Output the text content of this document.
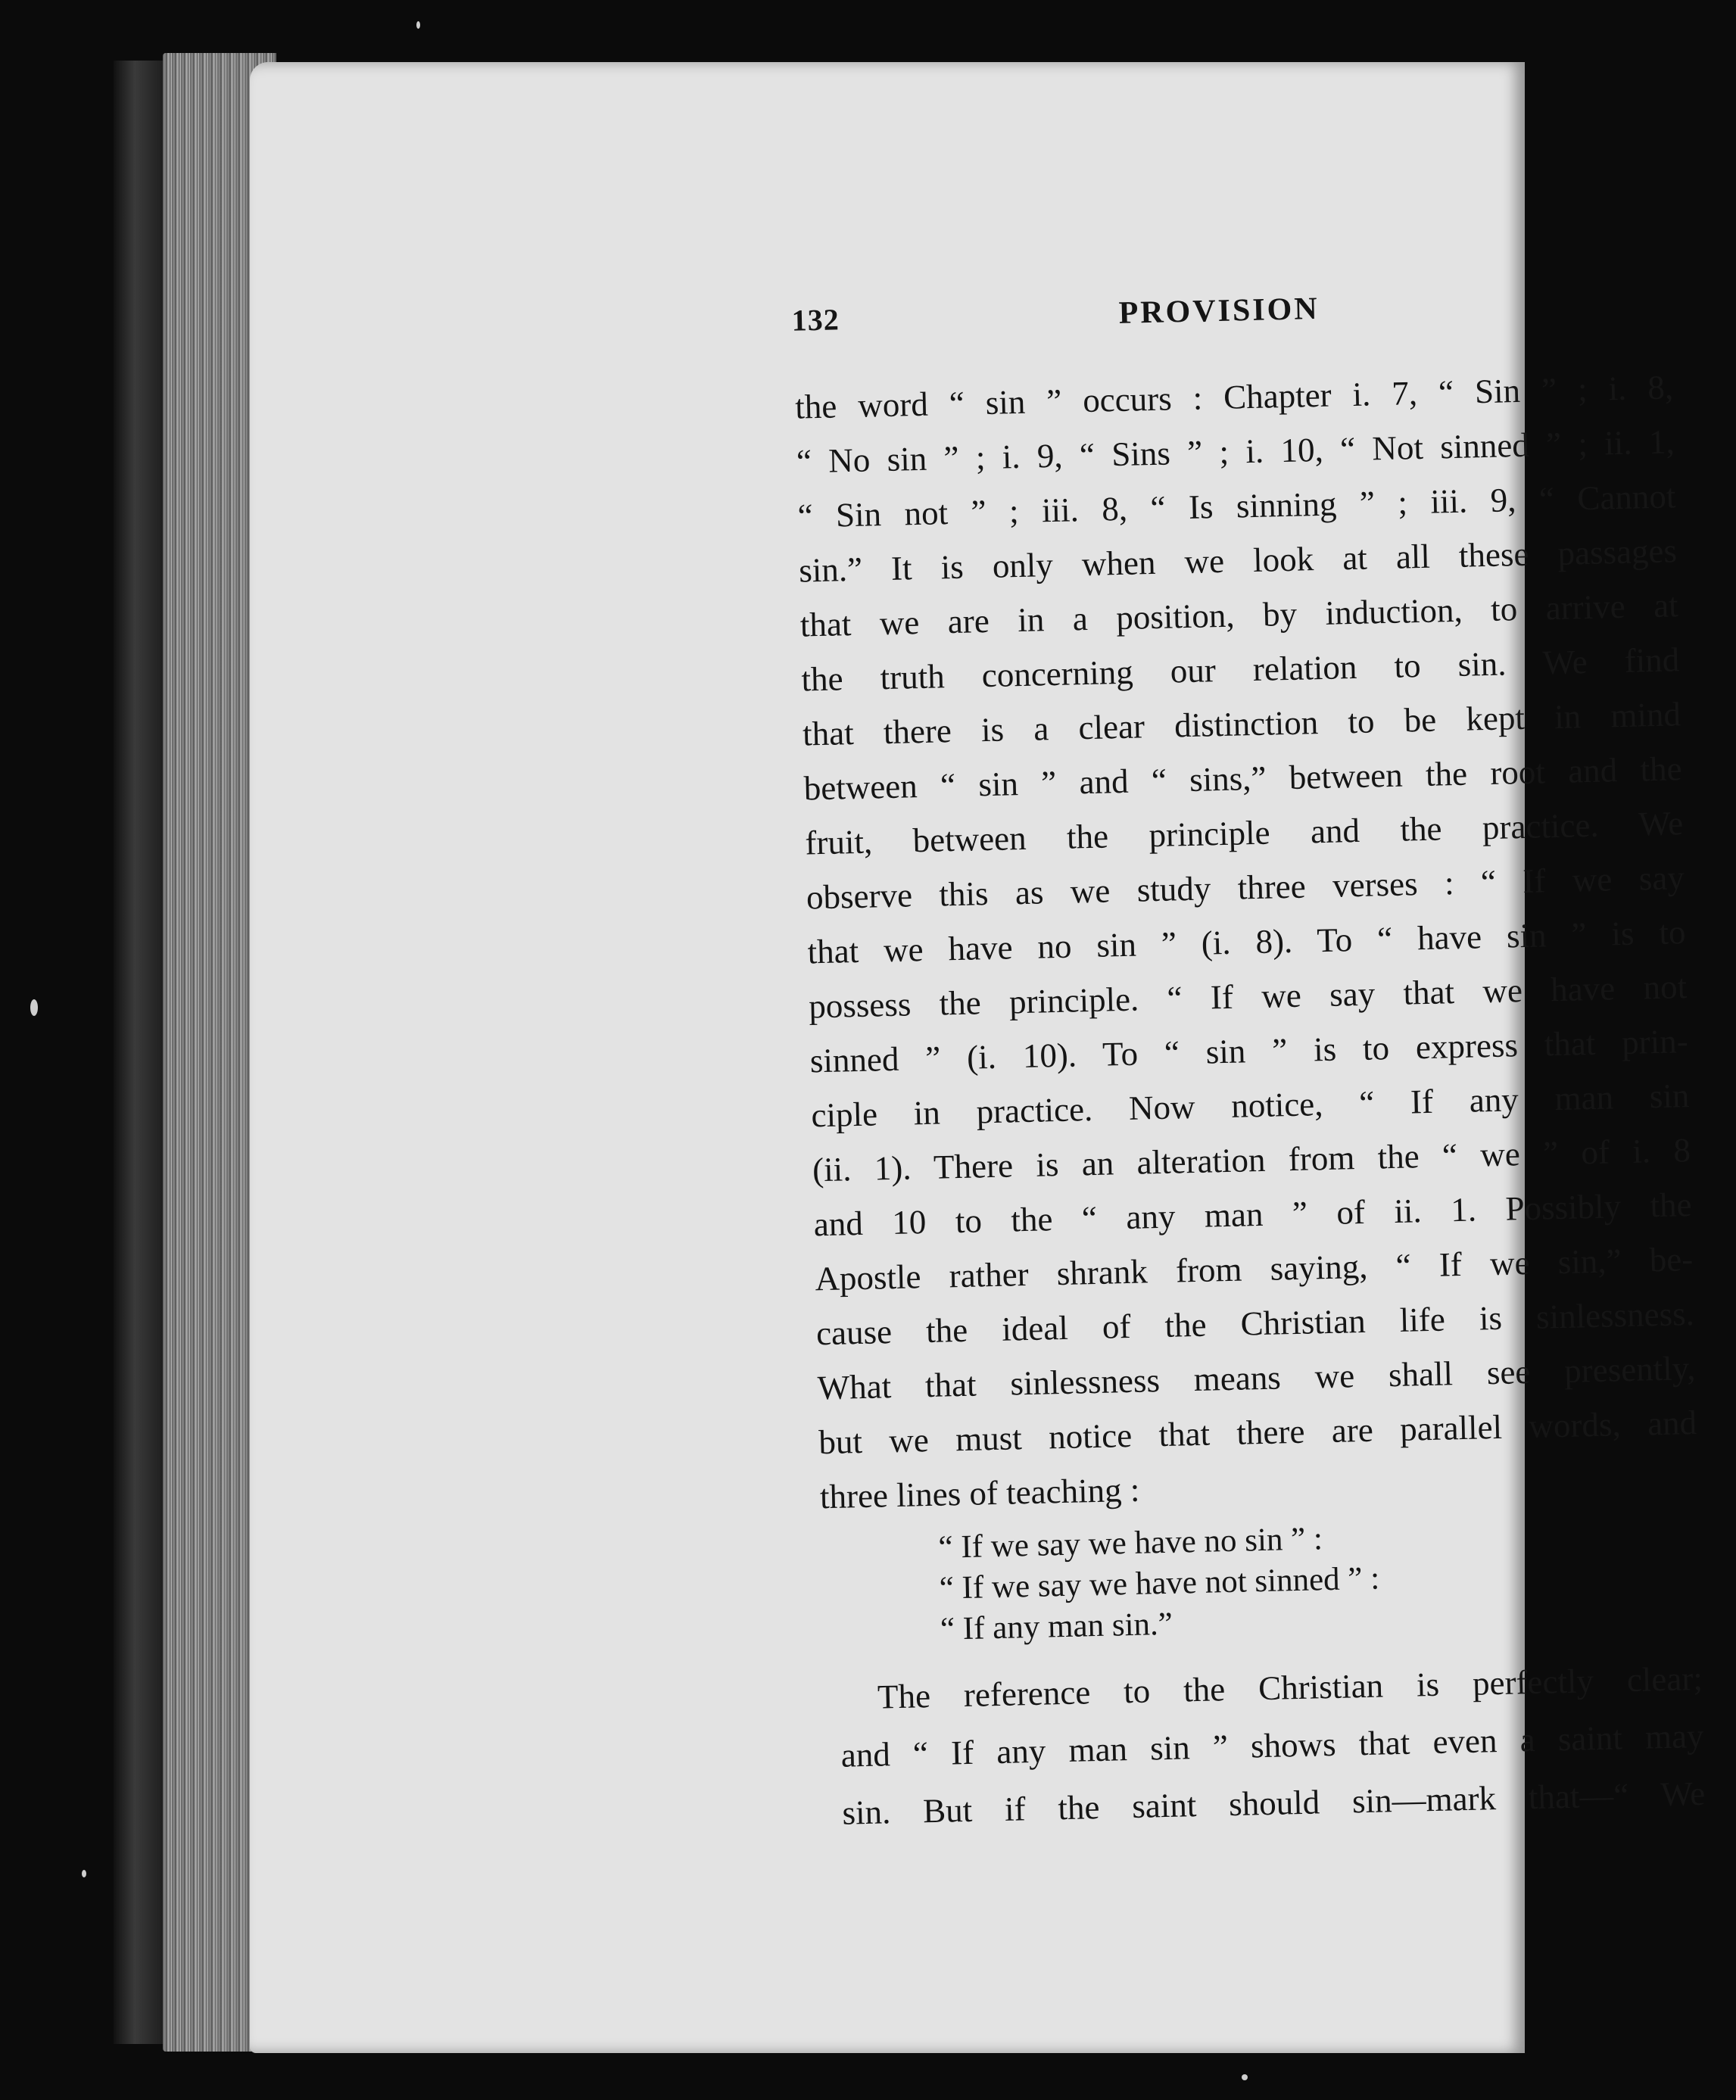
132	PROVISION
the word “ sin ” occurs : Chapter i. 7, “ Sin ” ; i. 8,
“ No sin ” ; i. 9, “ Sins ” ; i. 10, “ Not sinned ” ; ii. 1,
“ Sin not ” ; iii. 8, “ Is sinning ” ; iii. 9, “ Cannot
sin.” It is only when we look at all these passages
that we are in a position, by induction, to arrive at
the truth concerning our relation to sin. We find
that there is a clear distinction to be kept in mind
between “ sin ” and “ sins,” between the root and the
fruit, between the principle and the practice. We
observe this as we study three verses : “ If we say
that we have no sin ” (i. 8). To “ have sin ” is to
possess the principle. “ If we say that we have not
sinned ” (i. 10). To “ sin ” is to express that prin-
ciple in practice. Now notice, “ If any man sin
(ii. 1). There is an alteration from the “ we ” of i. 8
and 10 to the “ any man ” of ii. 1. Possibly the
Apostle rather shrank from saying, “ If we sin,” be-
cause the ideal of the Christian life is sinlessness.
What that sinlessness means we shall see presently,
but we must notice that there are parallel words, and
three lines of teaching :
“ If we say we have no sin ” :
“ If we say we have not sinned ” :
“ If any man sin.”
The reference to the Christian is perfectly clear;
and “ If any man sin ” shows that even a saint may
sin. But if the saint should sin—mark that—“ We
